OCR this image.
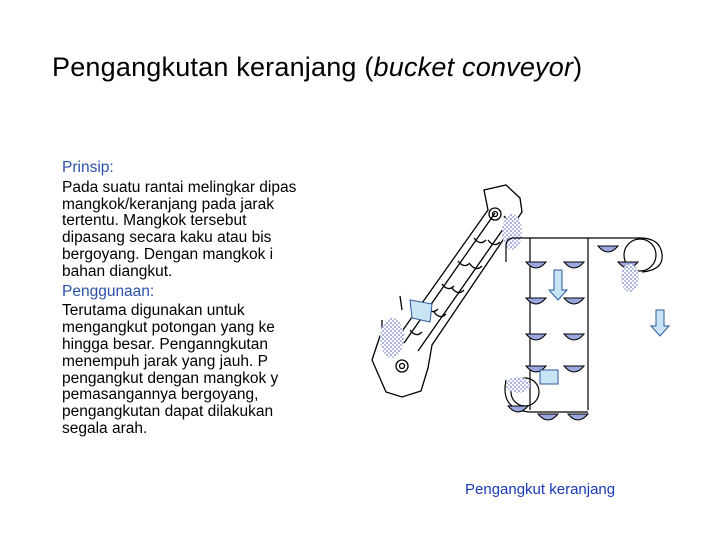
Pengangkutan keranjang (bucket conveyor)
Prinsip:
Pada suatu rantai melingkar dipas
mangkok/keranjang pada jarak
tertentu. Mangkok tersebut
dipasang secara kaku atau bis
bergoyang. Dengan mangkok i
bahan diangkut.
Penggunaan:
Terutama digunakan untuk
mengangkut potongan yang ke
hingga besar. Penganngkutan
menempuh jarak yang jauh. P
pengangkut dengan mangkok y
pemasangannya bergoyang,
pengangkutan dapat dilakukan
segala arah.
Pengangkut keranjang
